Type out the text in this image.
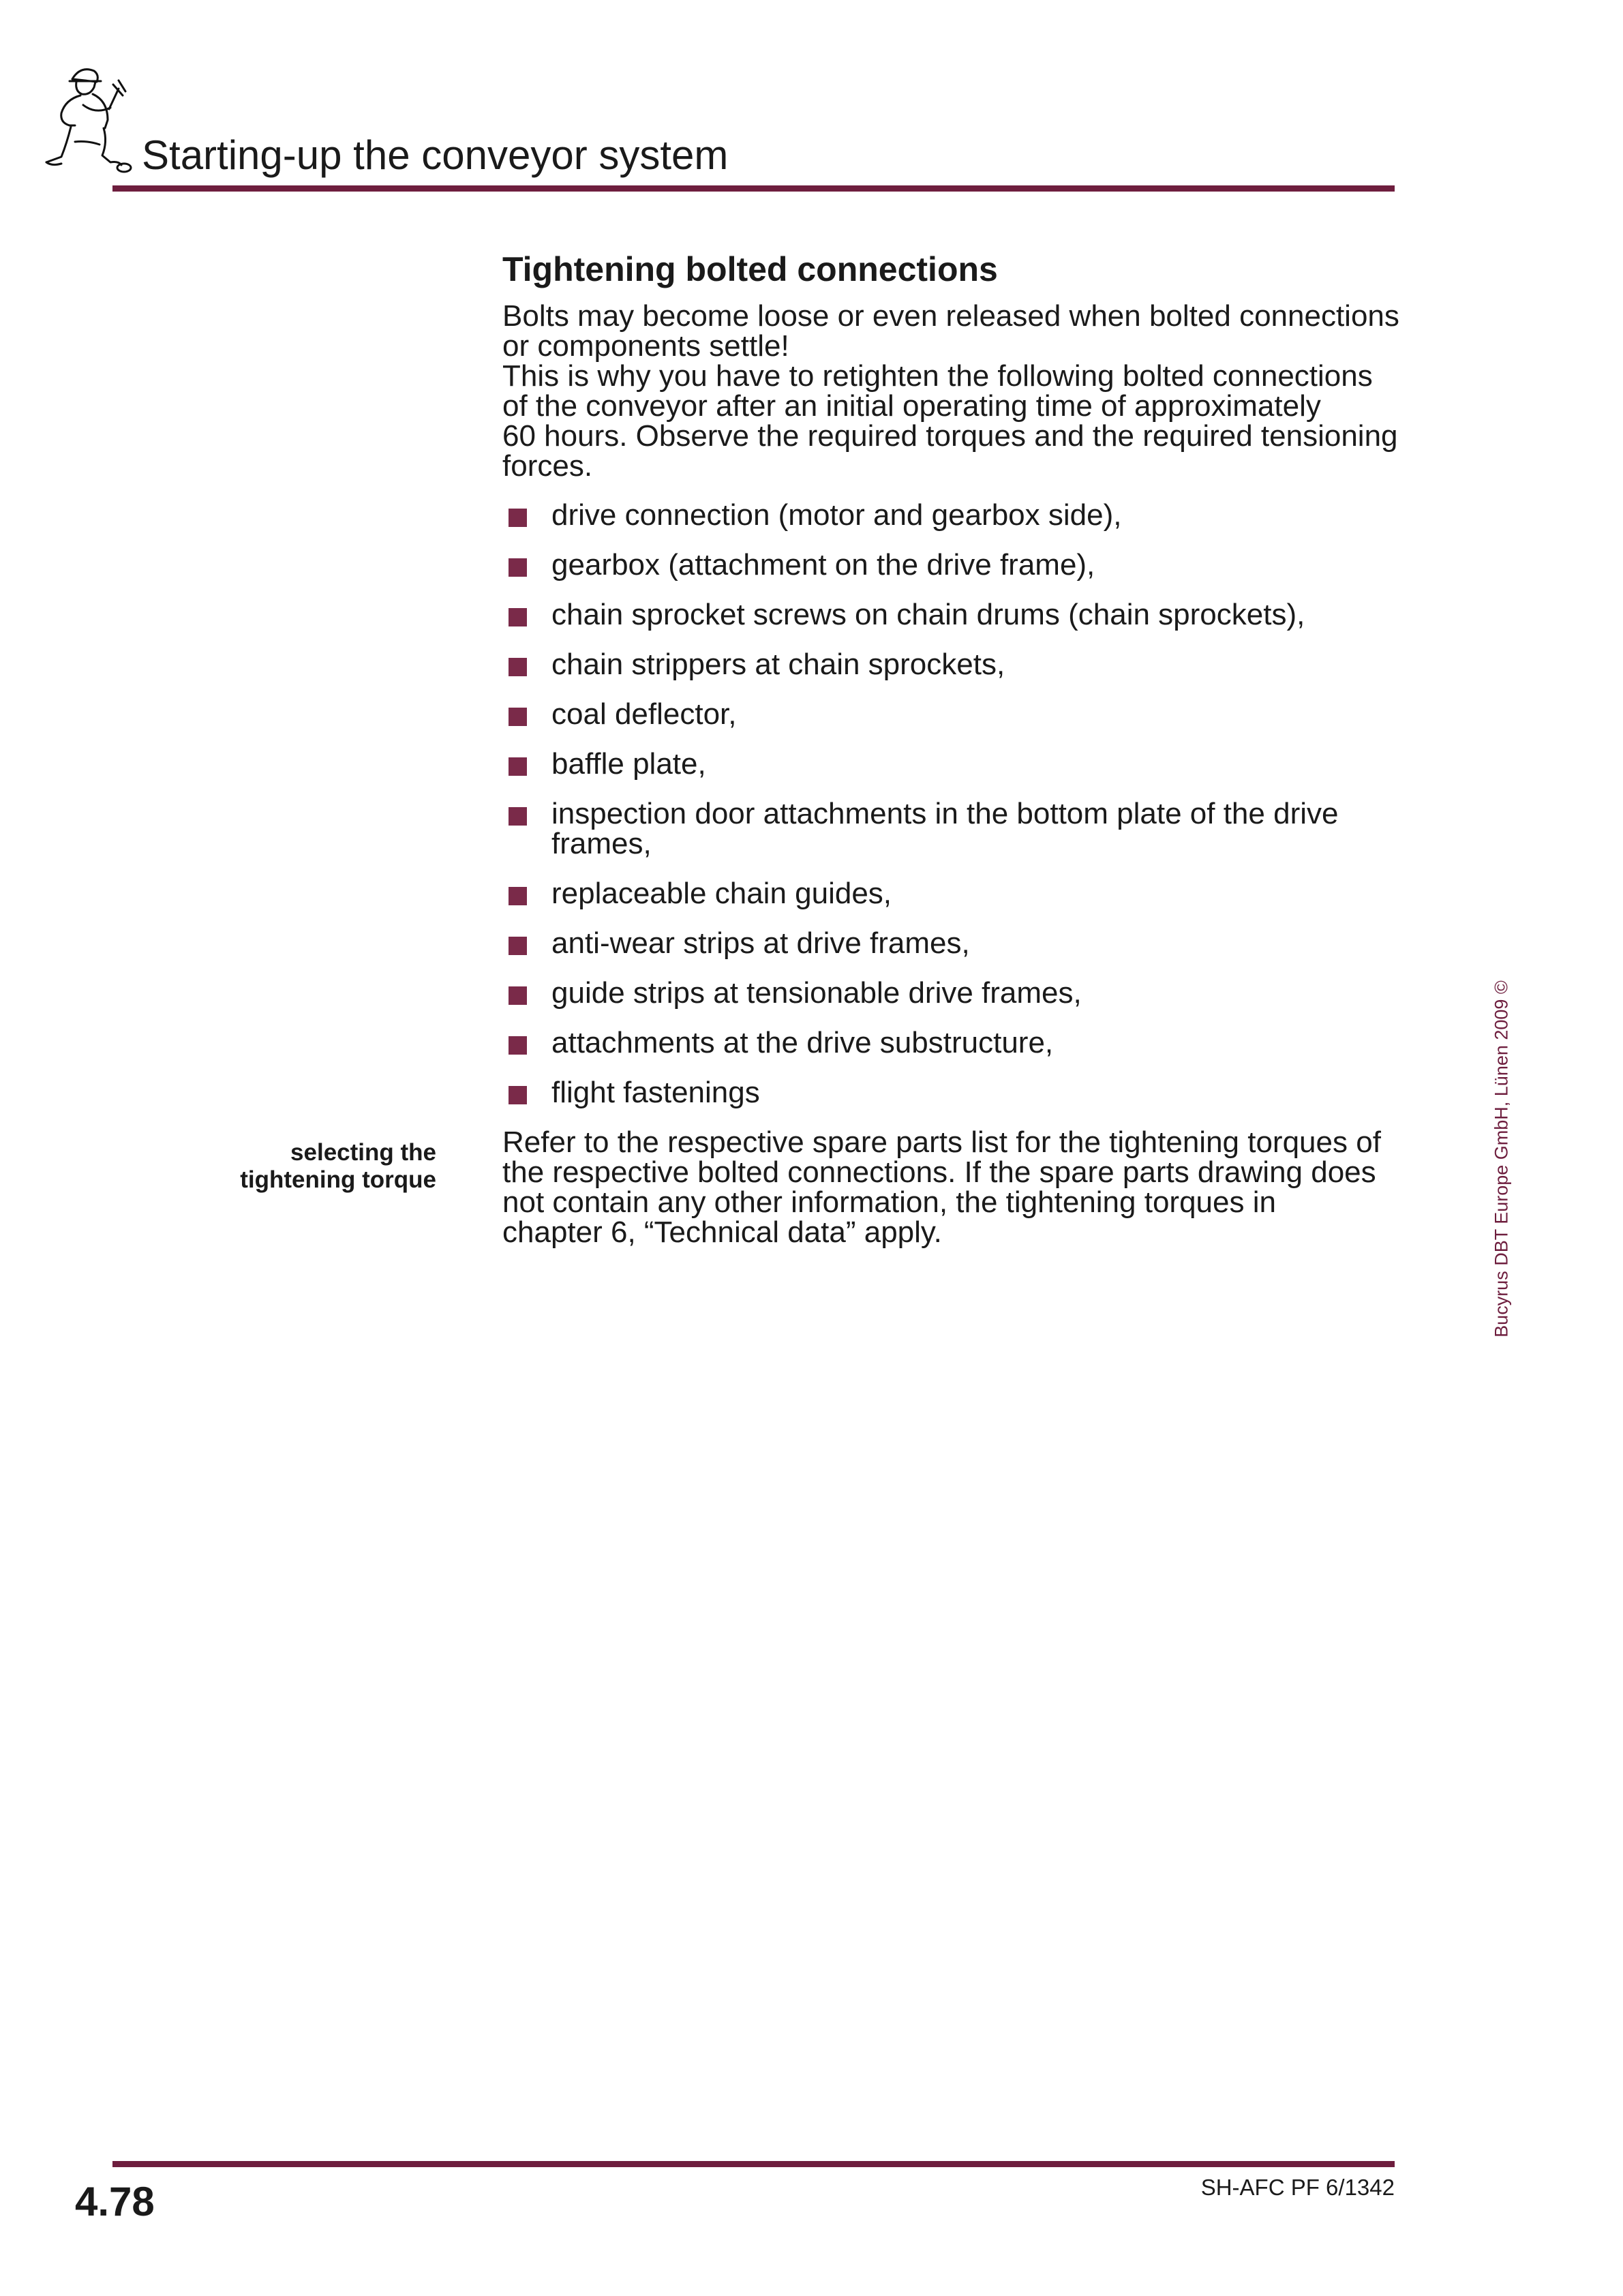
Starting-up the conveyor system
Tightening bolted connections

Bolts may become loose or even released when bolted connections

or components settle!

This is why you have to retighten the following bolted connections

of the conveyor after an initial operating time of approximately

60 hours. Observe the required torques and the required tensioning

forces.

drive connection (motor and gearbox side),
gearbox (attachment on the drive frame),
chain sprocket screws on chain drums (chain sprockets),
chain strippers at chain sprockets,
coal deflector,
baffle plate,
inspection door attachments in the bottom plate of the drive frames,
replaceable chain guides,
anti-wear strips at drive frames,
guide strips at tensionable drive frames,
attachments at the drive substructure,
flight fastenings
Refer to the respective spare parts list for the tightening torques of
the respective bolted connections. If the spare parts drawing does
not contain any other information, the tightening torques in
chapter 6, “Technical data” apply.
selecting the
tightening torque	Bucyrus DBT Europe GmbH, Lünen 2009 ©
4.78	SH-AFC PF 6/1342
